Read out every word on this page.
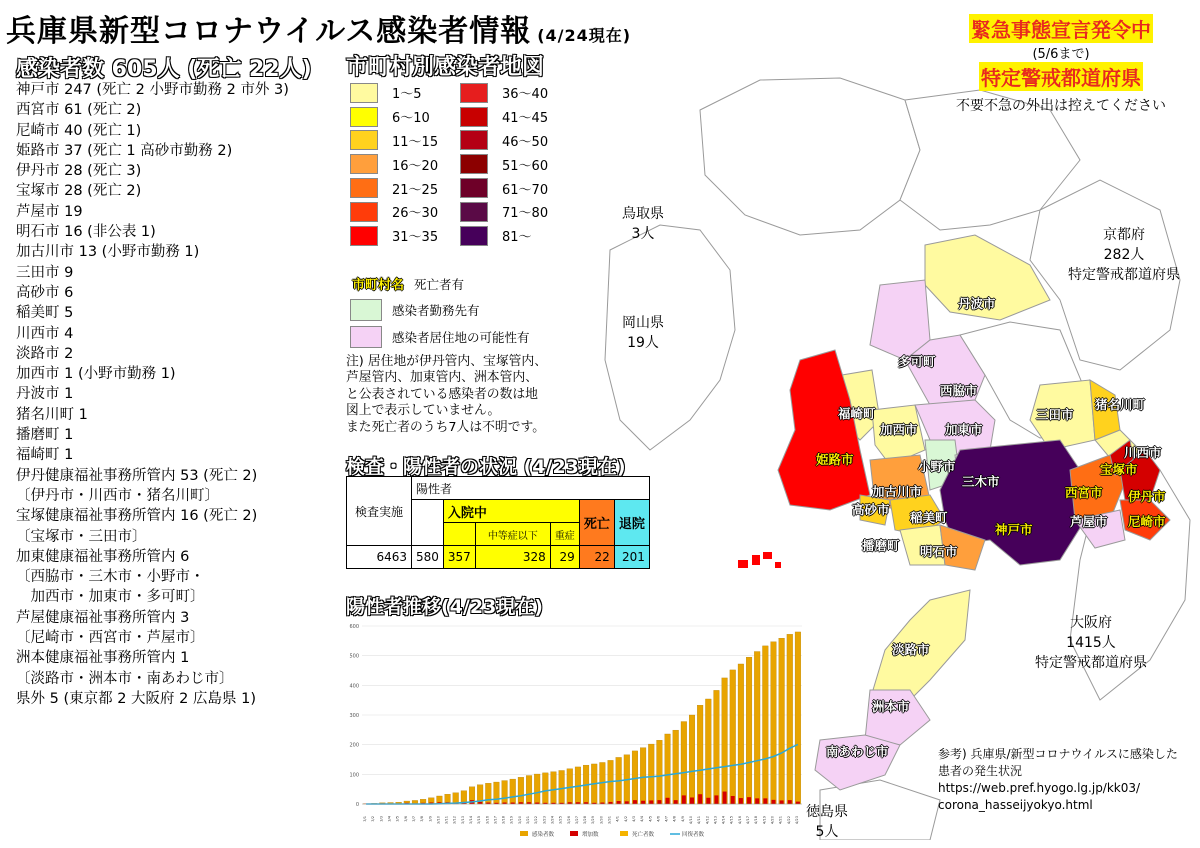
兵庫県新型コロナウイルス感染者情報 (4/24現在)
感染者数 605人 (死亡 22人)
神戸市 247 (死亡 2 小野市勤務 2 市外 3)
西宮市 61 (死亡 2)
尼崎市 40 (死亡 1)
姫路市 37 (死亡 1 高砂市勤務 2)
伊丹市 28 (死亡 3)
宝塚市 28 (死亡 2)
芦屋市 19
明石市 16 (非公表 1)
加古川市 13 (小野市勤務 1)
三田市 9
高砂市 6
稲美町 5
川西市 4
淡路市 2
加西市 1 (小野市勤務 1)
丹波市 1
猪名川町 1
播磨町 1
福崎町 1
伊丹健康福祉事務所管内 53 (死亡 2)
〔伊丹市・川西市・猪名川町〕
宝塚健康福祉事務所管内 16 (死亡 2)
〔宝塚市・三田市〕
加東健康福祉事務所管内 6
〔西脇市・三木市・小野市・
　加西市・加東市・多可町〕
芦屋健康福祉事務所管内 3
〔尼崎市・西宮市・芦屋市〕
洲本健康福祉事務所管内 1
〔淡路市・洲本市・南あわじ市〕
県外 5 (東京都 2 大阪府 2 広島県 1)
市町村別感染者地図
1～5
6～10
11～15
16～20
21～25
26～30
31～35
36～40
41～45
46～50
51～60
61～70
71～80
81～
市町村名 死亡者有
感染者勤務先有
感染者居住地の可能性有
注) 居住地が伊丹管内、宝塚管内、
芦屋管内、加東管内、洲本管内、
と公表されている感染者の数は地
図上で表示していません。
また死亡者のうち7人は不明です。
検査・陽性者の状況 (4/23現在)
検査実施	陽性者					
		入院中			死亡	退院
			中等症以下	重症		
6463	580	357	328	29	22	201
陽性者推移(4/23現在)
0
100
200
300
400
500
600
3/1 3/2 3/3 3/4 3/5 3/6 3/7 3/8 3/9 3/10 3/11 3/12 3/13 3/14 3/15 3/16 3/17 3/18 3/19 3/20 3/21 3/22 3/23 3/24 3/25 3/26 3/27 3/28 3/29 3/30 3/31 4/1 4/2 4/3 4/4 4/5 4/6 4/7 4/8 4/9 4/10 4/11 4/12 4/13 4/14 4/15 4/16 4/17 4/18 4/19 4/20 4/21 4/22 4/23
感染者数	増加数	死亡者数	回復者数
鳥取県
3人
岡山県
19人
京都府
282人
特定警戒都道府県
大阪府
1415人
特定警戒都道府県
徳島県
5人
丹波市
多可町
西脇市
福崎町
加西市 加東市
三田市
猪名川町
川西市
姫路市	小野市
三木市
宝塚市
加古川市	西宮市 伊丹市
高砂市
稲美町
神戸市
芦屋市 尼崎市
播磨町 明石市
淡路市
洲本市
南あわじ市
緊急事態宣言発令中
(5/6まで)
特定警戒都道府県
不要不急の外出は控えてください
参考) 兵庫県/新型コロナウイルスに感染した
患者の発生状況
https://web.pref.hyogo.lg.jp/kk03/
corona_hasseijyokyo.html
